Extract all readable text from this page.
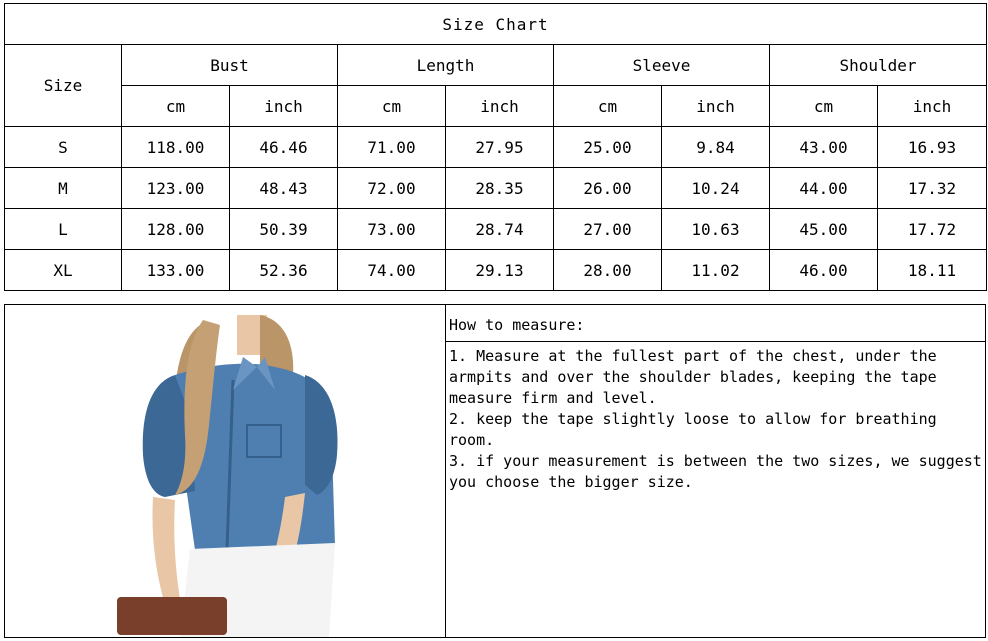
Size Chart								
Size	Bust		Length		Sleeve		Shoulder	
	cm	inch	cm	inch	cm	inch	cm	inch
S	118.00	46.46	71.00	27.95	25.00	9.84	43.00	16.93
M	123.00	48.43	72.00	28.35	26.00	10.24	44.00	17.32
L	128.00	50.39	73.00	28.74	27.00	10.63	45.00	17.72
XL	133.00	52.36	74.00	29.13	28.00	11.02	46.00	18.11
How to measure:

1. Measure at the fullest part of the chest, under the armpits and over the shoulder blades, keeping the tape measure firm and level.

2. keep the tape slightly loose to allow for breathing room.

3. if your measurement is between the two sizes, we suggest you choose the bigger size.
